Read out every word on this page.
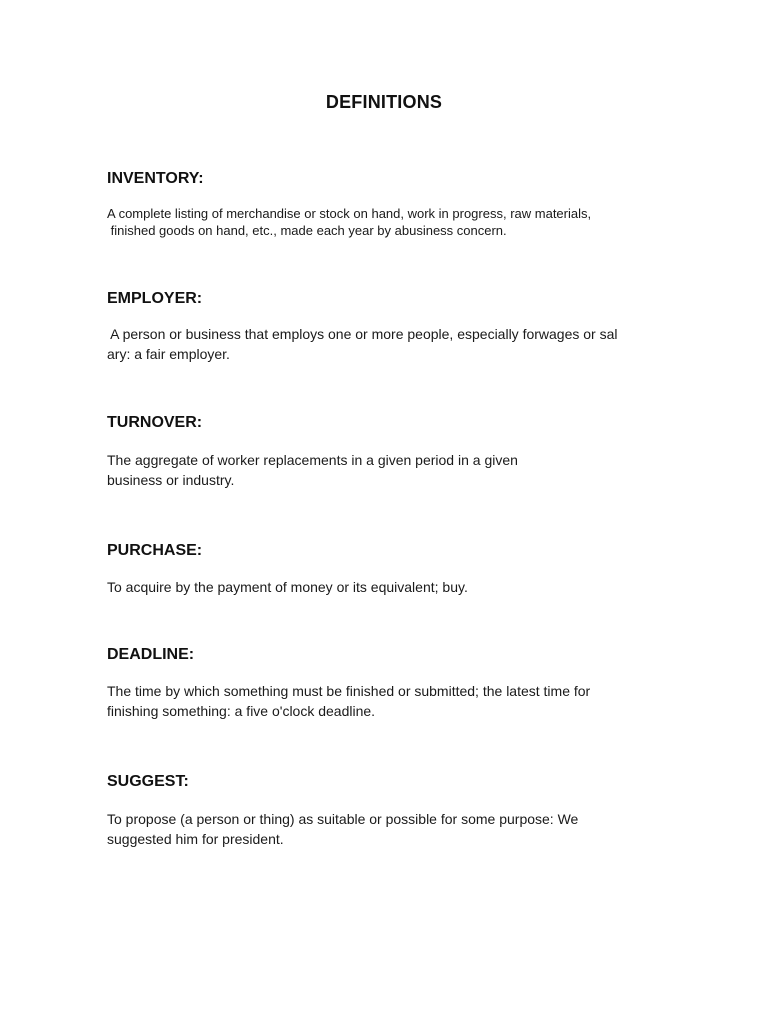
DEFINITIONS
INVENTORY:

A complete listing of merchandise or stock on hand, work in progress, raw materials,
finished goods on hand, etc., made each year by abusiness concern.

EMPLOYER:

A person or business that employs one or more people, especially forwages or sal
ary: a fair employer.

TURNOVER:

The aggregate of worker replacements in a given period in a given
business or industry.

PURCHASE:

To acquire by the payment of money or its equivalent; buy.

DEADLINE:

The time by which something must be finished or submitted; the latest time for
finishing something: a five o'clock deadline.

SUGGEST:

To propose (a person or thing) as suitable or possible for some purpose: We
suggested him for president.
